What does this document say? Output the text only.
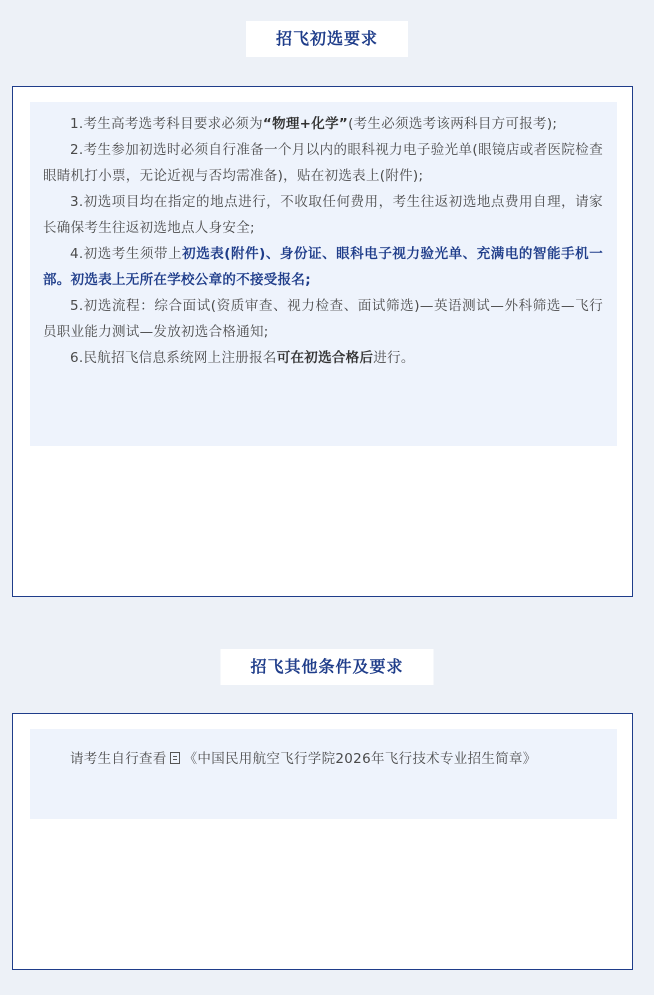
招飞初选要求

1.考生高考选考科目要求必须为“物理+化学”(考生必须选考该两科目方可报考);

2.考生参加初选时必须自行准备一个月以内的眼科视力电子验光单(眼镜店或者医院检查眼睛机打小票，无论近视与否均需准备)，贴在初选表上(附件);

3.初选项目均在指定的地点进行，不收取任何费用，考生往返初选地点费用自理，请家长确保考生往返初选地点人身安全;

4.初选考生须带上初选表(附件)、身份证、眼科电子视力验光单、充满电的智能手机一部。初选表上无所在学校公章的不接受报名;

5.初选流程：综合面试(资质审查、视力检查、面试筛选)—英语测试—外科筛选—飞行员职业能力测试—发放初选合格通知;

6.民航招飞信息系统网上注册报名可在初选合格后进行。

招飞其他条件及要求

请考生自行查看 《中国民用航空飞行学院2026年飞行技术专业招生简章》
